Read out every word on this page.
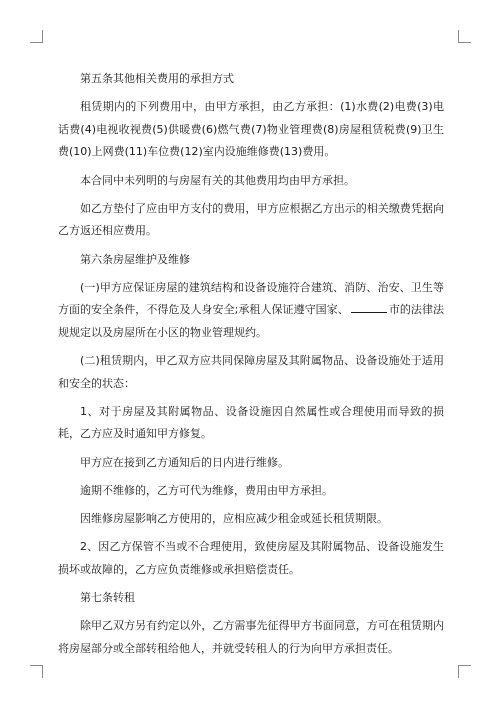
第五条其他相关费用的承担方式
租赁期内的下列费用中，由甲方承担，由乙方承担：(1)水费(2)电费(3)电话费(4)电视收视费(5)供暖费(6)燃气费(7)物业管理费(8)房屋租赁税费(9)卫生费(10)上网费(11)车位费(12)室内设施维修费(13)费用。
本合同中未列明的与房屋有关的其他费用均由甲方承担。
如乙方垫付了应由甲方支付的费用，甲方应根据乙方出示的相关缴费凭据向乙方返还相应费用。
第六条房屋维护及维修
(一)甲方应保证房屋的建筑结构和设备设施符合建筑、消防、治安、卫生等方面的安全条件，不得危及人身安全;承租人保证遵守国家、	市的法律法规规定以及房屋所在小区的物业管理规约。
(二)租赁期内，甲乙双方应共同保障房屋及其附属物品、设备设施处于适用和安全的状态：
1、对于房屋及其附属物品、设备设施因自然属性或合理使用而导致的损耗，乙方应及时通知甲方修复。
甲方应在接到乙方通知后的日内进行维修。
逾期不维修的，乙方可代为维修，费用由甲方承担。
因维修房屋影响乙方使用的，应相应减少租金或延长租赁期限。
2、因乙方保管不当或不合理使用，致使房屋及其附属物品、设备设施发生损坏或故障的，乙方应负责维修或承担赔偿责任。
第七条转租
除甲乙双方另有约定以外，乙方需事先征得甲方书面同意，方可在租赁期内将房屋部分或全部转租给他人，并就受转租人的行为向甲方承担责任。
